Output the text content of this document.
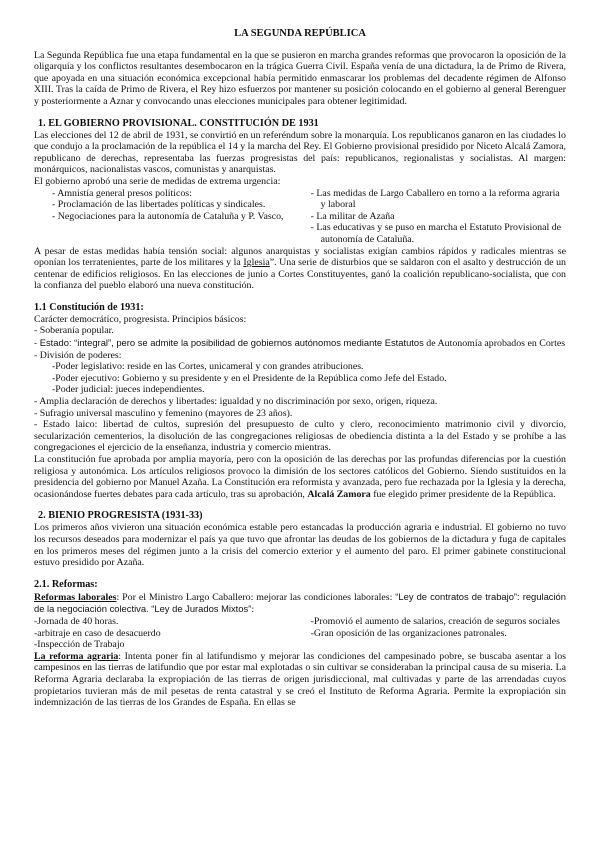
LA SEGUNDA REPÚBLICA

La Segunda República fue una etapa fundamental en la que se pusieron en marcha grandes reformas que provocaron la oposición de la oligarquía y los conflictos resultantes desembocaron en la trágica Guerra Civil. España venía de una dictadura, la de Primo de Rivera, que apoyada en una situación económica excepcional había permitido enmascarar los problemas del decadente régimen de Alfonso XIII. Tras la caída de Primo de Rivera, el Rey hizo esfuerzos por mantener su posición colocando en el gobierno al general Berenguer y posteriormente a Aznar y convocando unas elecciones municipales para obtener legitimidad.

1. EL GOBIERNO PROVISIONAL. CONSTITUCIÓN DE 1931

Las elecciones del 12 de abril de 1931, se convirtió en un referéndum sobre la monarquía. Los republicanos ganaron en las ciudades lo que condujo a la proclamación de la república el 14 y la marcha del Rey. El Gobierno provisional presidido por Niceto Alcalá Zamora, republicano de derechas, representaba las fuerzas progresistas del país: republicanos, regionalistas y socialistas. Al margen: monárquicos, nacionalistas vascos, comunistas y anarquistas.

El gobierno aprobó una serie de medidas de extrema urgencia:

- Amnistía general presos políticos:
- Proclamación de las libertades políticas y sindicales.
- Negociaciones para la autonomía de Cataluña y P. Vasco,
- Las medidas de Largo Caballero en torno a la reforma agraria y laboral
- La militar de Azaña
- Las educativas y se puso en marcha el Estatuto Provisional de autonomía de Cataluña.

A pesar de estas medidas había tensión social: algunos anarquistas y socialistas exigían cambios rápidos y radicales mientras se oponían los terratenientes, parte de los militares y la Iglesia”. Una serie de disturbios que se saldaron con el asalto y destrucción de un centenar de edificios religiosos. En las elecciones de junio a Cortes Constituyentes, ganó la coalición republicano-socialista, que con la confianza del pueblo elaboró una nueva constitución.

1.1 Constitución de 1931:

Carácter democrático, progresista. Principios básicos:

- Soberanía popular.

- Estado: “integral”, pero se admite la posibilidad de gobiernos autónomos mediante Estatutos de Autonomía aprobados en Cortes

- División de poderes:

-Poder legislativo: reside en las Cortes, unicameral y con grandes atribuciones.

-Poder ejecutivo: Gobierno y su presidente y en el Presidente de la República como Jefe del Estado.

-Poder judicial: jueces independientes.

- Amplia declaración de derechos y libertades: igualdad y no discriminación por sexo, origen, riqueza.

- Sufragio universal masculino y femenino (mayores de 23 años).

- Estado laico: libertad de cultos, supresión del presupuesto de culto y clero, reconocimiento matrimonio civil y divorcio, secularización cementerios, la disolución de las congregaciones religiosas de obediencia distinta a la del Estado y se prohíbe a las congregaciones el ejercicio de la enseñanza, industria y comercio mientras.

La constitución fue aprobada por amplia mayoría, pero con la oposición de las derechas por las profundas diferencias por la cuestión religiosa y autonómica. Los artículos religiosos provoco la dimisión de los sectores católicos del Gobierno. Siendo sustituidos en la presidencia del gobierno por Manuel Azaña. La Constitución era reformista y avanzada, pero fue rechazada por la Iglesia y la derecha, ocasionándose fuertes debates para cada artículo, tras su aprobación, Alcalá Zamora fue elegido primer presidente de la República.

2. BIENIO PROGRESISTA (1931-33)

Los primeros años vivieron una situación económica estable pero estancadas la producción agraria e industrial. El gobierno no tuvo los recursos deseados para modernizar el país ya que tuvo que afrontar las deudas de los gobiernos de la dictadura y fuga de capitales en los primeros meses del régimen junto a la crisis del comercio exterior y el aumento del paro. El primer gabinete constitucional estuvo presidido por Azaña.

2.1. Reformas:

Reformas laborales: Por el Ministro Largo Caballero: mejorar las condiciones laborales: “Ley de contratos de trabajo”: regulación de la negociación colectiva. “Ley de Jurados Mixtos”:

-Jornada de 40 horas.
-arbitraje en caso de desacuerdo
-Inspección de Trabajo
-Promovió el aumento de salarios, creación de seguros sociales
-Gran oposición de las organizaciones patronales.

La reforma agraria: Intenta poner fin al latifundismo y mejorar las condiciones del campesinado pobre, se buscaba asentar a los campesinos en las tierras de latifundio que por estar mal explotadas o sin cultivar se consideraban la principal causa de su miseria. La Reforma Agraria declaraba la expropiación de las tierras de origen jurisdiccional, mal cultivadas y parte de las arrendadas cuyos propietarios tuvieran más de mil pesetas de renta catastral y se creó el Instituto de Reforma Agraria. Permite la expropiación sin indemnización de las tierras de los Grandes de España. En ellas se
